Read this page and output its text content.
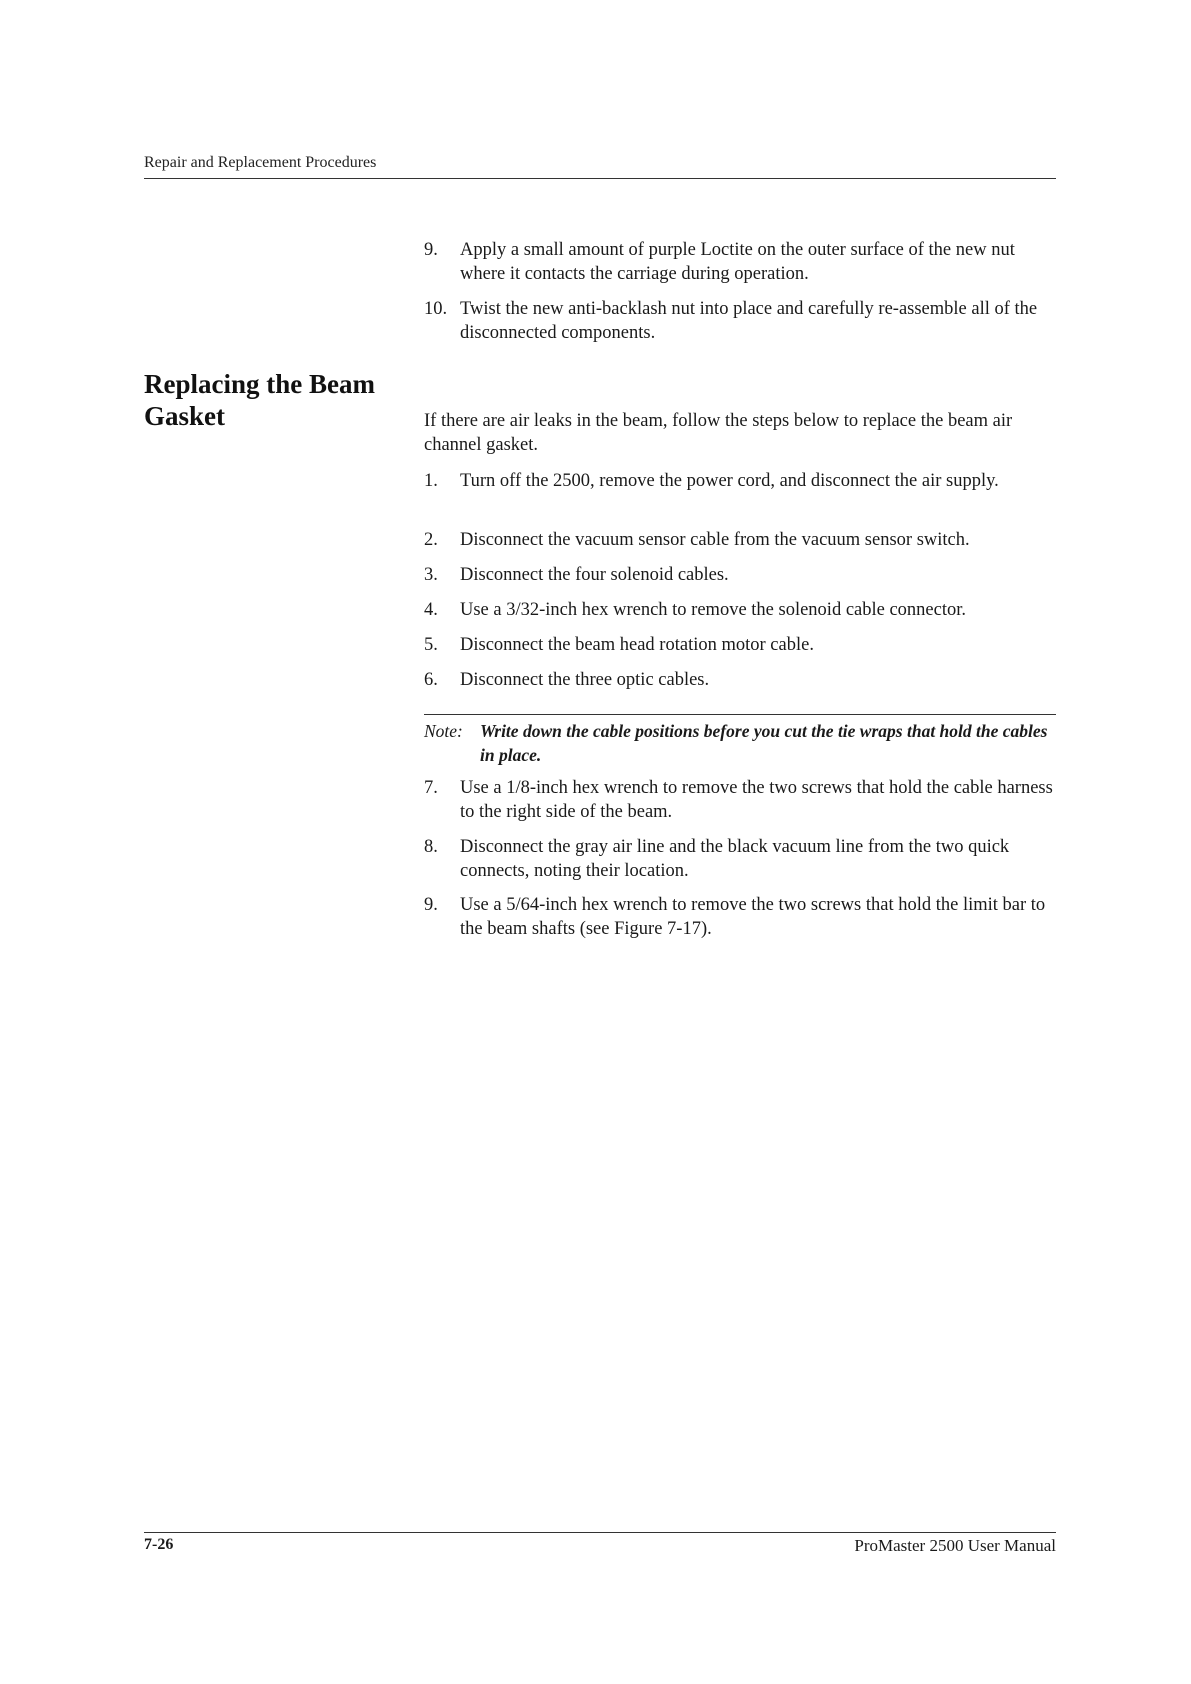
Repair and Replacement Procedures
9.	Apply a small amount of purple Loctite on the outer surface of the new nut where it contacts the carriage during operation.
10. Twist the new anti-backlash nut into place and carefully re-assemble all of the disconnected components.
Replacing the Beam Gasket	If there are air leaks in the beam, follow the steps below to replace the beam air channel gasket.
1.	Turn off the 2500, remove the power cord, and disconnect the air supply.
2.	Disconnect the vacuum sensor cable from the vacuum sensor switch.
3.	Disconnect the four solenoid cables.
4.	Use a 3/32-inch hex wrench to remove the solenoid cable connector.
5.	Disconnect the beam head rotation motor cable.
6.	Disconnect the three optic cables.
Note: Write down the cable positions before you cut the tie wraps that hold the cables in place.
7.	Use a 1/8-inch hex wrench to remove the two screws that hold the cable harness to the right side of the beam.
8.	Disconnect the gray air line and the black vacuum line from the two quick connects, noting their location.
9.	Use a 5/64-inch hex wrench to remove the two screws that hold the limit bar to the beam shafts (see Figure 7-17).
7-26	ProMaster 2500 User Manual
